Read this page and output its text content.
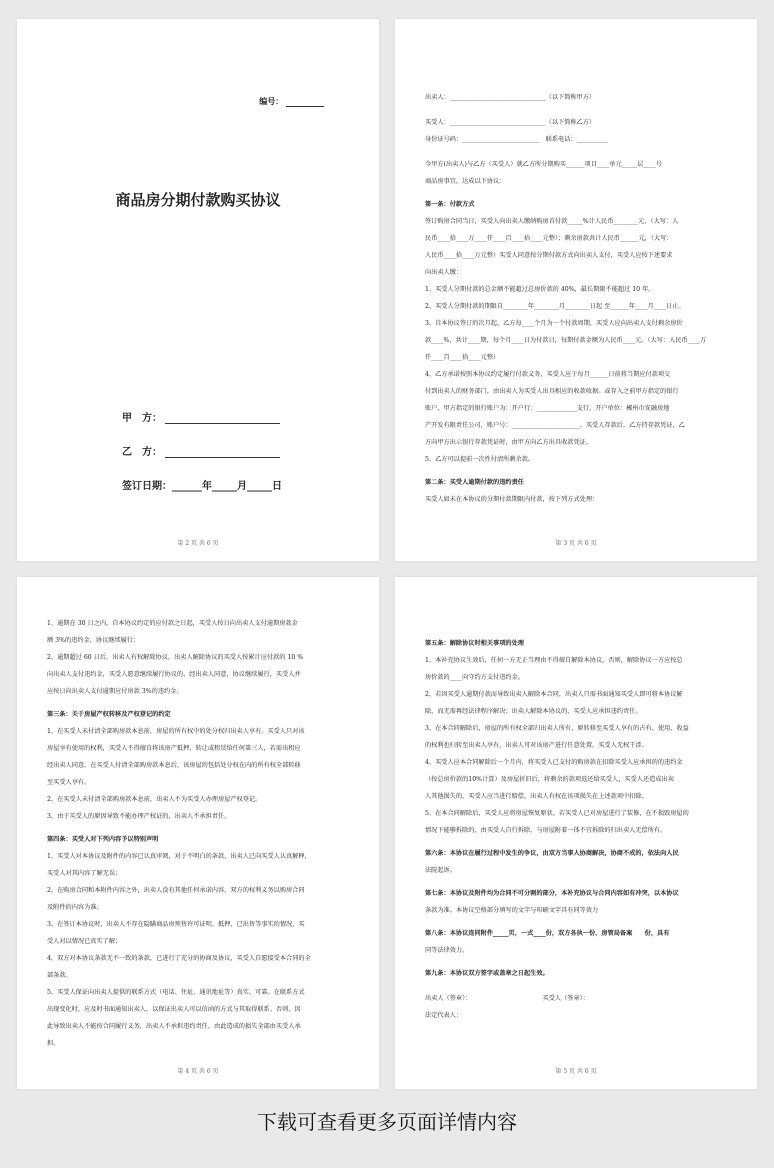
编号：
商品房分期付款购买协议
甲　方：
乙　方：
签订日期：______年_____月_____日
第 2 页 共 6 页

出卖人：_______________________________（以下简称甲方）

买受人：_______________________________（以下简称乙方）

身份证号码：_________________________　联系电话：__________

今甲方(出卖人)与乙方（买受人）就乙方所分期购买______项目____单元_____层____号

商品房事宜，达成以下协议：

第一条：付款方式

签订购房合同当日，买受人向出卖人缴纳购房首付款_____%计人民币________元，（大写：人

民币____拾____万____仟____百____拾____元整）；剩余房款共计人民币______元，（大写：

人民币____拾____万元整）买受人同意按分期付款方式向出卖人支付，买受人应按下述要求

向出卖人缴：

1、买受人分期付款的总金额不能超过总房价款的 40%，最长期限不能超过 10 年。

2、买受人分期付款的期限自________年________月________日起 至______年____月____日止。

3、自本协议签订的次月起，乙方每____个月为一个付款周期，买受人应向出卖人支付剩余房价

款____%，共计____期，每个月____日为付款日，每期付款金额为人民币____元。（大写：人民币____万

仟____百____拾____元整）

4、乙方承诺按照本协议约定履行付款义务，买受人应于每月______日前将当期应付款项交

付到出卖人的财务部门，由出卖人为买受人出具相应的收款收据。或存入之前甲方指定的银行

账户，甲方指定的银行账户为：开户行：_____________支行，开户单位：郴州市安融房地

产开发有限责任公司，账户号：______________________。买受人存款后，乙方持存款凭证，乙

方向甲方出示银行存款凭证时，由甲方向乙方出具收款凭证。

5、乙方可以提前一次性付清所剩余款。

第二条：买受人逾期付款的违约责任

买受人如未在本协议的分期付款期限内付款，按下列方式处理：

第 3 页 共 6 页

1、逾期在 30 日之内，自本协议约定的应付款之日起，买受人按日向出卖人支付逾期房款金

额 3%的违约金，协议继续履行；

2、逾期超过 60 日后，出卖人有权解除协议。出卖人解除协议的买受人按累计应付款的 10 %

向出卖人支付违约金，买受人愿意继续履行协议的，经出卖人同意，协议继续履行，买受人并

应按日向出卖人支付逾期应付房款 3%的违约金。

第三条：关于房屋产权转移及产权登记的约定

1、在买受人未付清全部购房款本息前，房屋的所有权中的处分权归出卖人享有。买受人只对该

房屋享有使用的权利，买受人不得擅自将该房产抵押、转让或租赁给任何第三人，若需出租应

经出卖人同意。在买受人付清全部购房款本息后，该房屋的包括处分权在内的所有权全部转移

至买受人享有。

2、在买受人未付清全部购房款本息前，出卖人不为买受人办理房屋产权登记。

3、由于买受人的原因导致不能办理产权证的，出卖人不承担责任。

第四条：买受人对下列内容予以特别声明

1、买受人对本协议及附件的内容已认真审阅，对于不明白的条款，出卖人已向买受人认真解释，

买受人对其内容了解无误；

2、在购房合同和本附件内容之外，出卖人没有其他任何承诺内容，双方的权利义务以购房合同

及附件的内容为准。

3、在签订本协议时，出卖人不存在隐瞒商品房预售许可证明、抵押、已出售等事实的情况，买

受人对以情况已真实了解；

4、双方对本协议条款无不一致的条款，已进行了充分的协商及协议，买受人自愿接受本合同的全

部条款。

5、买受人保证向出卖人提供的联系方式（电话、住址、通讯地址等）真实、可靠。在联系方式

出现变化时，应及时书面通知出卖人，以保证出卖人可以信函的方式与其取得联系。否则，因

此导致出卖人不能按合同履行义务，出卖人不承担违约责任，由此造成的损失全部由买受人承

担。

第 4 页 共 6 页

第五条：解除协议时相关事项的处理

1、本补充协议生效后，任何一方无正当理由不得擅自解除本协议，否则，解除协议一方应按总

房价款的____向守约方支付违约金。

2、若因买受人逾期付款而导致出卖人解除本合同，出卖人只需书面通知买受人即可将本协议解

除，而无需再经法律程序解决；出卖人解除本协议的，买受人应承担违约责任。

3、在本合同解除后，房屋的所有权全部归出卖人所有，原转移至买受人享有的占有、使用、收益

的权利也归转至出卖人享有，出卖人可对该房产进行任意处置，买受人无权干涉。

4、买受人应本合同解除后一个月内，将买受人已支付的购房款在扣除买受人应承担的的违约金

（按总房价款的10%计算）及房屋折旧后，将剩余的款项返还给买受人，买受人还造成出卖

人其他损失的，买受人应当进行赔偿，出卖人有权在该项损失在上述款项中扣除。

5、在本合同解除后，买受人应将房屋恢复原状。若买受人已对房屋进行了装修，在不损毁房屋的

情况下能够拆除的，由买受人自行拆除，与房屋附着一体不宜拆除的归出卖人无偿所有。

第六条：本协议在履行过程中发生的争议，由双方当事人协商解决，协商不成的，依法向人民

法院起诉。

第七条：本协议及附件均为合同不可分割的部分，本补充协议与合同内容如有冲突，以本协议

条款为准。本协议空格部分填写的文字与印刷文字具有同等效力

第八条：本协议连同附件_____页，一式____份，双方各执一份，房管局备案　　份，具有

同等法律效力。

第九条：本协议双方签字或盖章之日起生效。

出卖人（签章）：　　　　　　　　　　　　买受人（签章）：

法定代表人：

第 5 页 共 6 页
下载可查看更多页面详情内容
